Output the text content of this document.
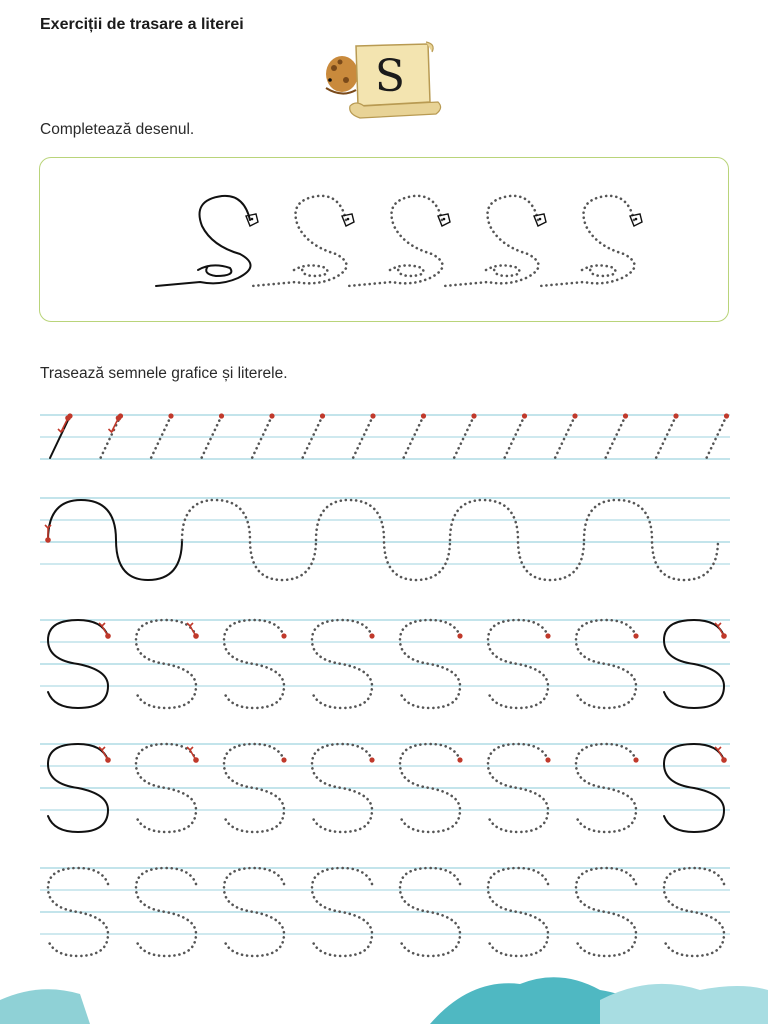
Exerciții de trasare a literei
S
Completează desenul.
Trasează semnele grafice și literele.
